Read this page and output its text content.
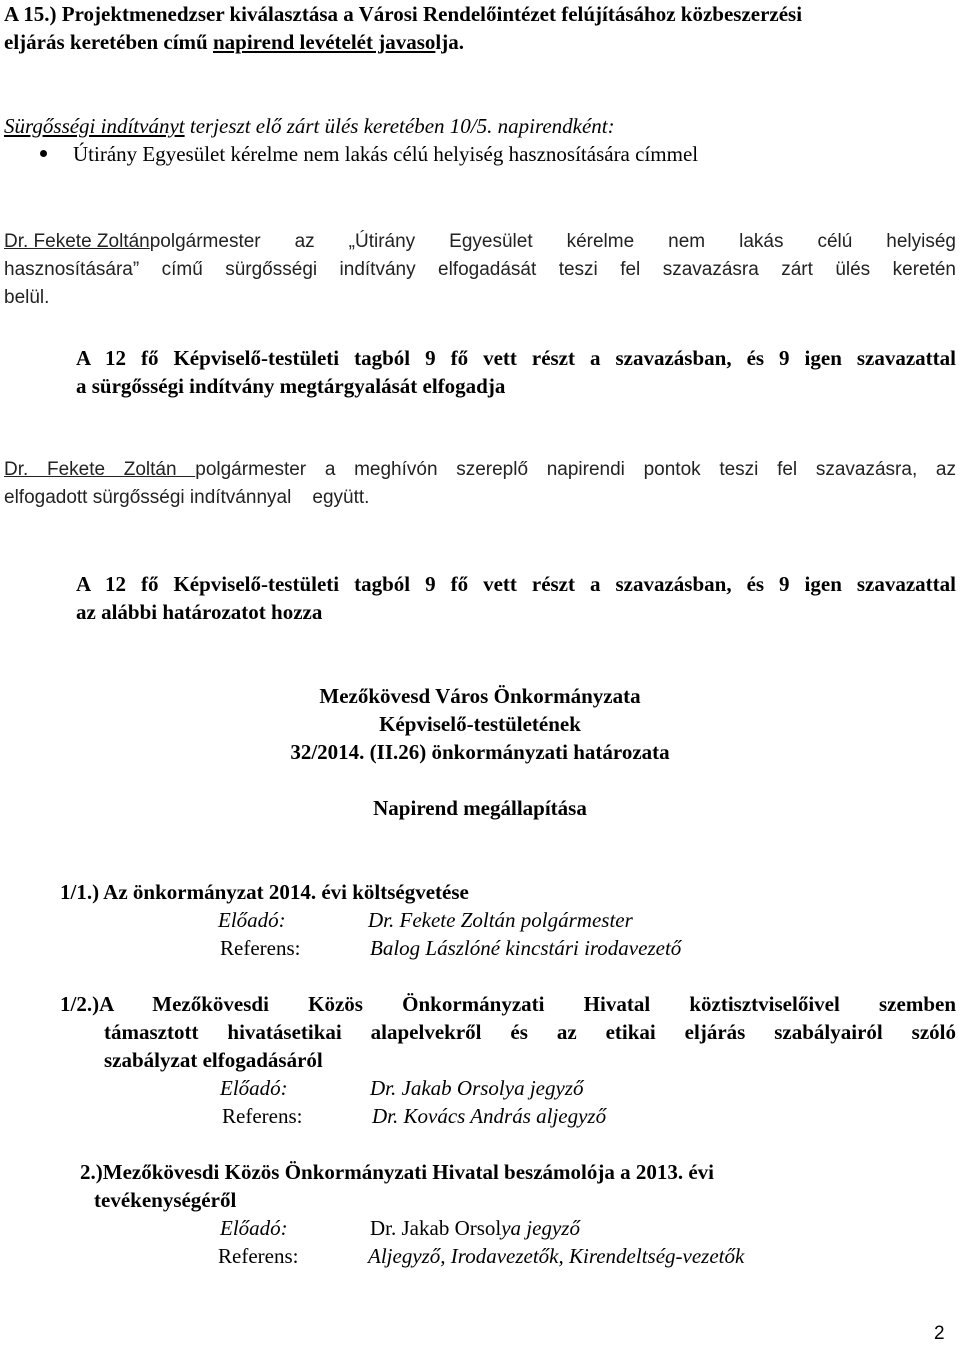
A 15.) Projektmenedzser kiválasztása a Városi Rendelőintézet felújításához közbeszerzési
eljárás keretében című napirend levételét javasolja.
Sürgősségi indítványt terjeszt elő zárt ülés keretében 10/5. napirendként:
Útirány Egyesület kérelme nem lakás célú helyiség hasznosítására címmel
Dr. Fekete Zoltán polgármester az „Útirány Egyesület kérelme nem lakás célú helyiség
hasznosítására” című sürgősségi indítvány elfogadását teszi fel szavazásra zárt ülés keretén
belül.
A 12 fő Képviselő-testületi tagból 9 fő vett részt a szavazásban, és 9 igen szavazattal
a sürgősségi indítvány megtárgyalását elfogadja
Dr. Fekete Zoltán polgármester a meghívón szereplő napirendi pontok teszi fel szavazásra, az
elfogadott sürgősségi indítvánnyal    együtt.
A 12 fő Képviselő-testületi tagból 9 fő vett részt a szavazásban, és 9 igen szavazattal
az alábbi határozatot hozza
Mezőkövesd Város Önkormányzata
Képviselő-testületének
32/2014. (II.26) önkormányzati határozata
Napirend megállapítása
1/1.) Az önkormányzat 2014. évi költségvetése
Előadó:	Dr. Fekete Zoltán polgármester
Referens:	Balog Lászlóné kincstári irodavezető
1/2.)A Mezőkövesdi Közös Önkormányzati Hivatal köztisztviselőivel szemben
támasztott hivatásetikai alapelvekről és az etikai eljárás szabályairól szóló
szabályzat elfogadásáról
Előadó:	Dr. Jakab Orsolya jegyző
Referens:	Dr. Kovács András aljegyző
2.)Mezőkövesdi Közös Önkormányzati Hivatal beszámolója a 2013. évi
tevékenységéről
Előadó:	Dr. Jakab Orsolya jegyző
Referens:	Aljegyző, Irodavezetők, Kirendeltség-vezetők
2
